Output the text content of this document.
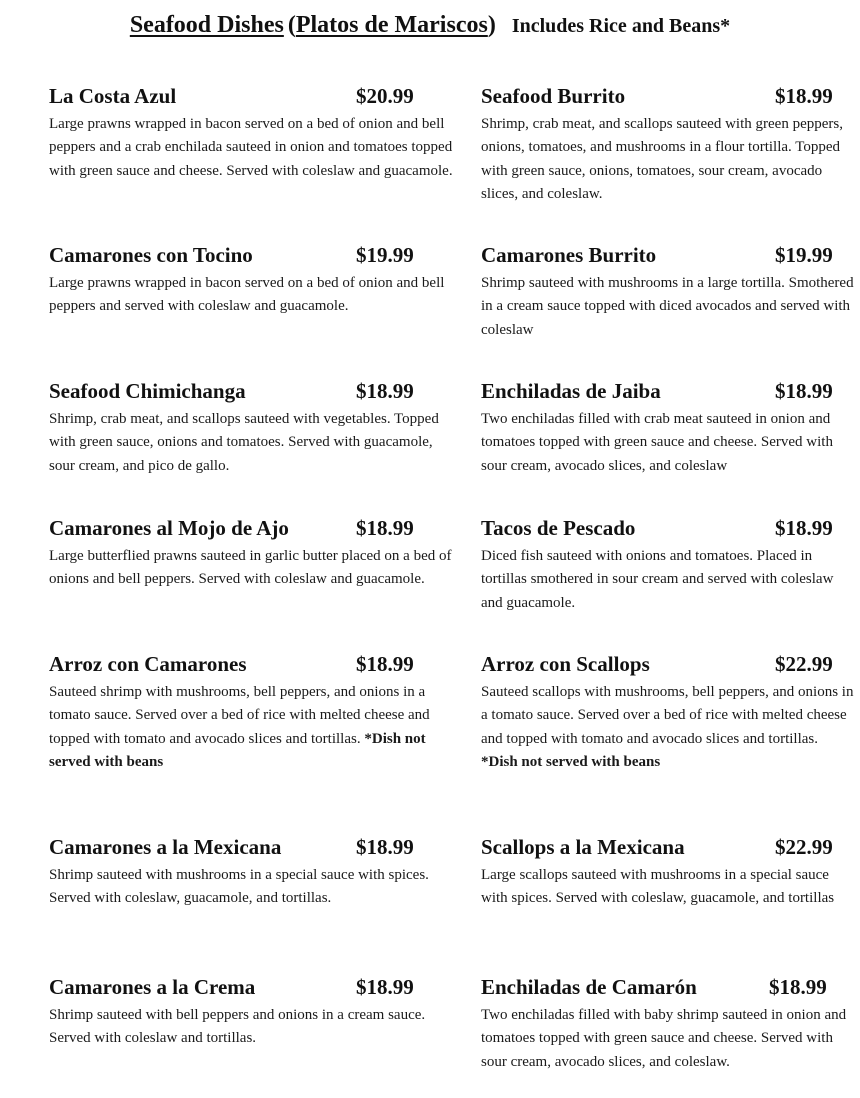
Seafood Dishes (Platos de Mariscos) Includes Rice and Beans*
La Costa Azul	$20.99
Large prawns wrapped in bacon served on a bed of onion and bell peppers and a crab enchilada sauteed in onion and tomatoes topped with green sauce and cheese. Served with coleslaw and guacamole.
Camarones con Tocino	$19.99
Large prawns wrapped in bacon served on a bed of onion and bell peppers and served with coleslaw and guacamole.
Seafood Chimichanga	$18.99
Shrimp, crab meat, and scallops sauteed with vegetables. Topped with green sauce, onions and tomatoes. Served with guacamole, sour cream, and pico de gallo.
Camarones al Mojo de Ajo	$18.99
Large butterflied prawns sauteed in garlic butter placed on a bed of onions and bell peppers. Served with coleslaw and guacamole.
Arroz con Camarones	$18.99
Sauteed shrimp with mushrooms, bell peppers, and onions in a tomato sauce. Served over a bed of rice with melted cheese and topped with tomato and avocado slices and tortillas. *Dish not served with beans
Camarones a la Mexicana	$18.99
Shrimp sauteed with mushrooms in a special sauce with spices. Served with coleslaw, guacamole, and tortillas.
Camarones a la Crema	$18.99
Shrimp sauteed with bell peppers and onions in a cream sauce. Served with coleslaw and tortillas.
Seafood Burrito	$18.99
Shrimp, crab meat, and scallops sauteed with green peppers, onions, tomatoes, and mushrooms in a flour tortilla. Topped with green sauce, onions, tomatoes, sour cream, avocado slices, and coleslaw.
Camarones Burrito	$19.99
Shrimp sauteed with mushrooms in a large tortilla. Smothered in a cream sauce topped with diced avocados and served with coleslaw
Enchiladas de Jaiba	$18.99
Two enchiladas filled with crab meat sauteed in onion and tomatoes topped with green sauce and cheese. Served with sour cream, avocado slices, and coleslaw
Tacos de Pescado	$18.99
Diced fish sauteed with onions and tomatoes. Placed in tortillas smothered in sour cream and served with coleslaw and guacamole.
Arroz con Scallops	$22.99
Sauteed scallops with mushrooms, bell peppers, and onions in a tomato sauce. Served over a bed of rice with melted cheese and topped with tomato and avocado slices and tortillas. *Dish not served with beans
Scallops a la Mexicana	$22.99
Large scallops sauteed with mushrooms in a special sauce with spices. Served with coleslaw, guacamole, and tortillas
Enchiladas de Camarón	$18.99
Two enchiladas filled with baby shrimp sauteed in onion and tomatoes topped with green sauce and cheese. Served with sour cream, avocado slices, and coleslaw.
